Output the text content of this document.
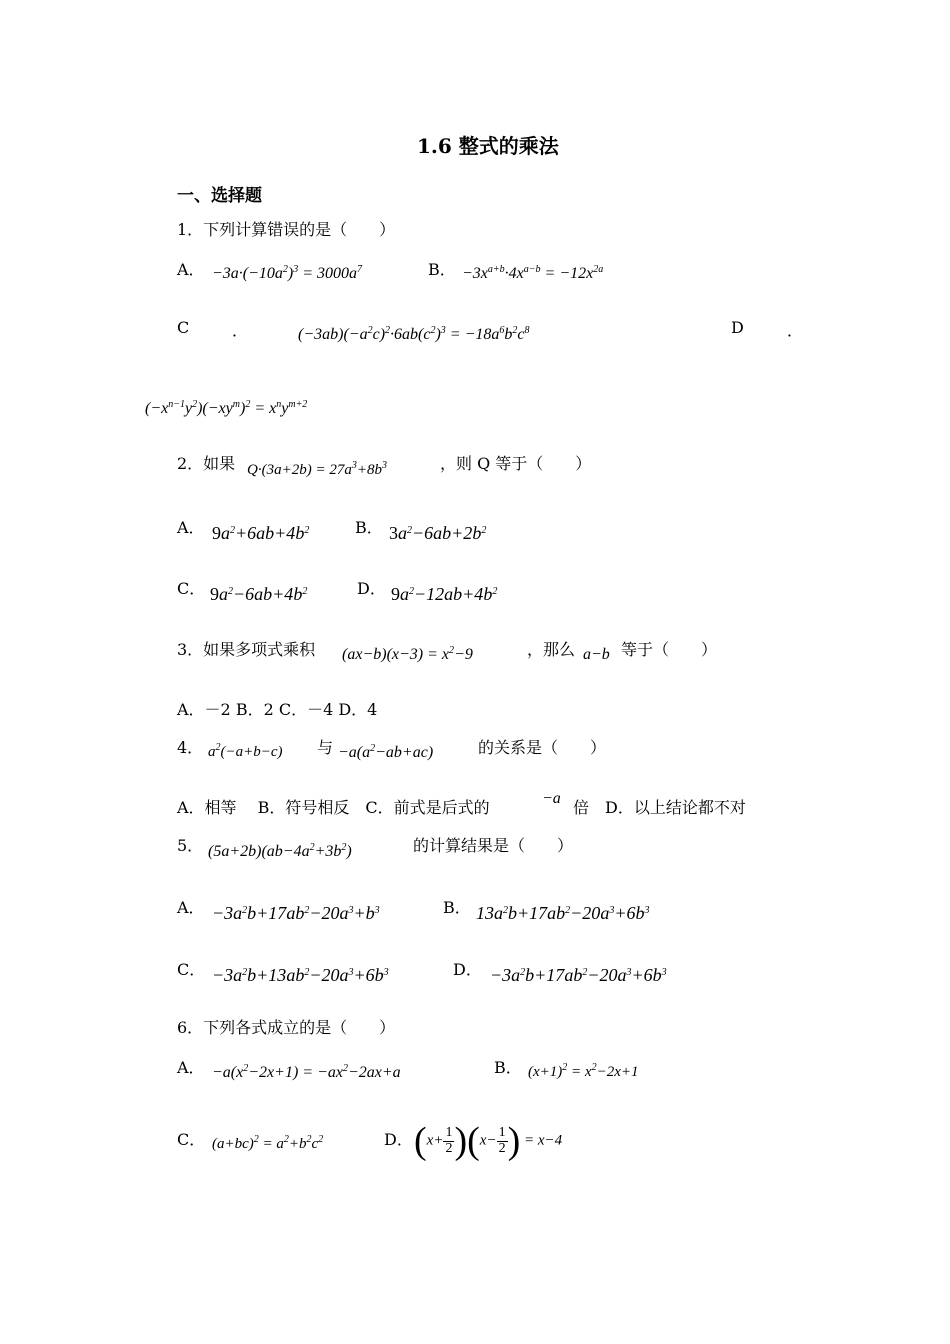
1.6 整式的乘法
一、选择题
1．下列计算错误的是（　　）
A． $-3a\cdot(-10a^2)^3 = 3000a^7$	B． $-3x^{a+b}\cdot 4x^{a-b} = -12x^{2a}$
C	．	$(-3ab)(-a^2c)^2\cdot 6ab(c^2)^3 = -18a^6b^2c^8$	D	．
$(-x^{n-1}y^2)(-xy^m)^2 = x^ny^{m+2}$
2．如果 $Q\cdot(3a+2b) = 27a^3+8b^3$	，则 Q 等于（　　）
A． $9a^2+6ab+4b^2$	B． $3a^2-6ab+2b^2$
C． $9a^2-6ab+4b^2$	D． $9a^2-12ab+4b^2$
3．如果多项式乘积 $(ax-b)(x-3) = x^2-9$	，那么 a−b 等于（　　）
A．－2 B．2 C．－4 D．4
4． $a^2(-a+b-c)$ 与 $-a(a^2-ab+ac)$	的关系是（　　）
A．相等　 B．符号相反　C．前式是后式的	−a 倍　D．以上结论都不对
5． $(5a+2b)(ab-4a^2+3b^2)$	的计算结果是（　　）
A． $-3a^2b+17ab^2-20a^3+b^3$	B． $13a^2b+17ab^2-20a^3+6b^3$
C． $-3a^2b+13ab^2-20a^3+6b^3$	D． $-3a^2b+17ab^2-20a^3+6b^3$
6．下列各式成立的是（　　）
A． $-a(x^2-2x+1) = -ax^2-2ax+a$	B． $(x+1)^2 = x^2-2x+1$
C． $(a+bc)^2 = a^2+b^2c^2$	D． $(x+ \frac{1}{2} )(x- \frac{1}{2}$ ) = x−4
